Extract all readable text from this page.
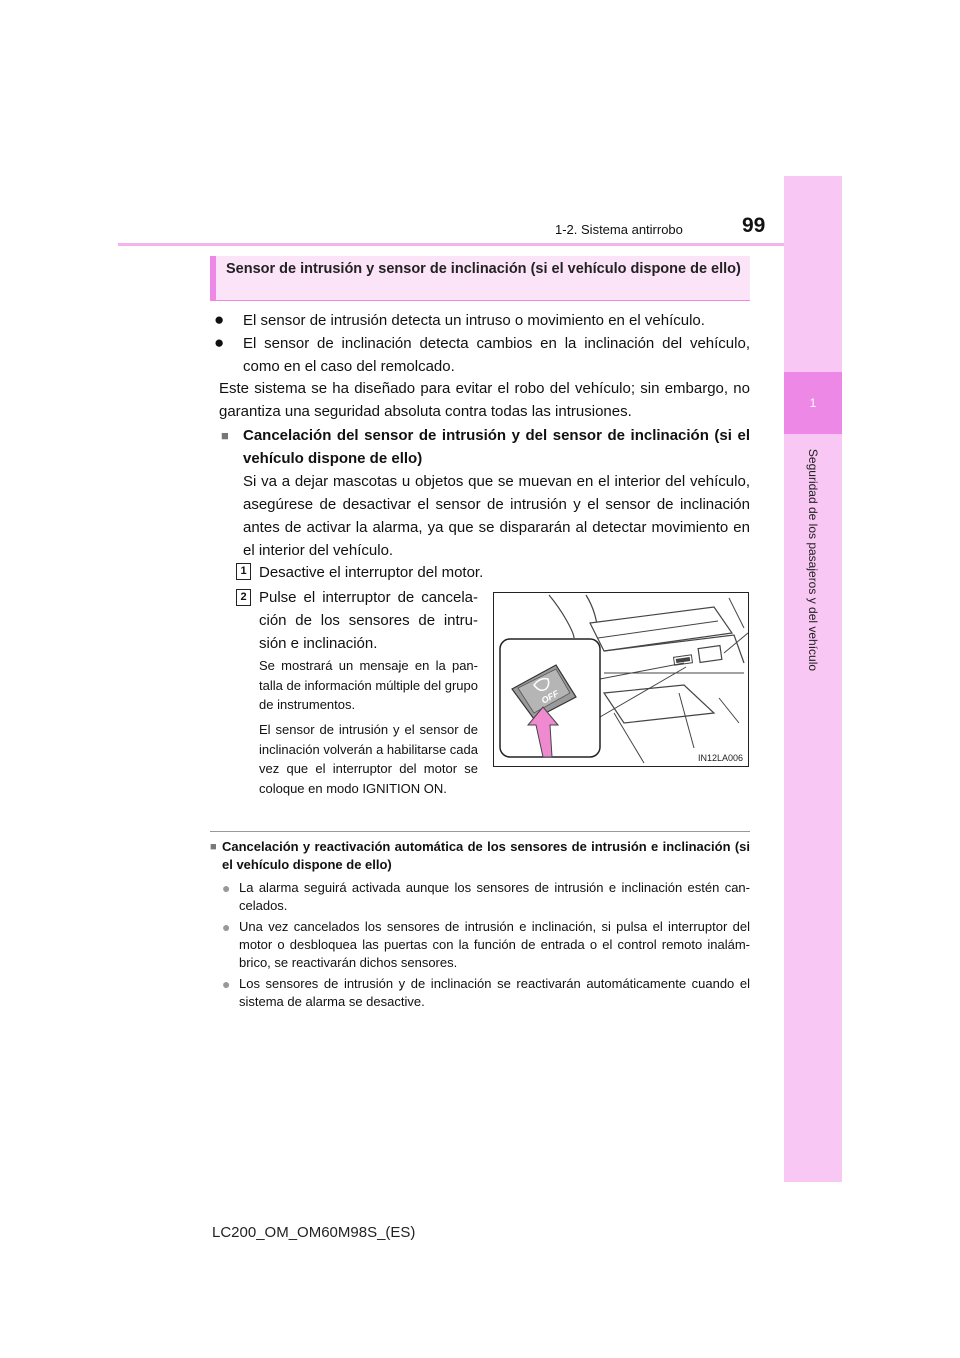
1
Seguridad de los pasajeros y del vehículo
1-2. Sistema antirrobo	99
Sensor de intrusión y sensor de inclinación (si el vehículo dispone de ello)
● El sensor de intrusión detecta un intruso o movimiento en el vehículo.
● El sensor de inclinación detecta cambios en la inclinación del vehículo, como en el caso del remolcado.
Este sistema se ha diseñado para evitar el robo del vehículo; sin embargo, no garantiza una seguridad absoluta contra todas las intrusiones.
■ Cancelación del sensor de intrusión y del sensor de inclinación (si el vehículo dispone de ello)
Si va a dejar mascotas u objetos que se muevan en el interior del vehículo, asegúrese de desactivar el sensor de intrusión y el sensor de inclinación antes de activar la alarma, ya que se dispararán al detectar movimiento en el interior del vehículo.
1 Desactive el interruptor del motor.
2 Pulse el interruptor de cancela- ción de los sensores de intru- sión e inclinación.
Se mostrará un mensaje en la pan- talla de información múltiple del grupo de instrumentos.
El sensor de intrusión y el sensor de inclinación volverán a habilitarse cada vez que el interruptor del motor se coloque en modo IGNITION ON.
OFF
IN12LA006
■ Cancelación y reactivación automática de los sensores de intrusión e inclinación (si el vehículo dispone de ello)
● La alarma seguirá activada aunque los sensores de intrusión e inclinación estén can- celados.
● Una vez cancelados los sensores de intrusión e inclinación, si pulsa el interruptor del motor o desbloquea las puertas con la función de entrada o el control remoto inalám- brico, se reactivarán dichos sensores.
● Los sensores de intrusión y de inclinación se reactivarán automáticamente cuando el sistema de alarma se desactive.
LC200_OM_OM60M98S_(ES)
